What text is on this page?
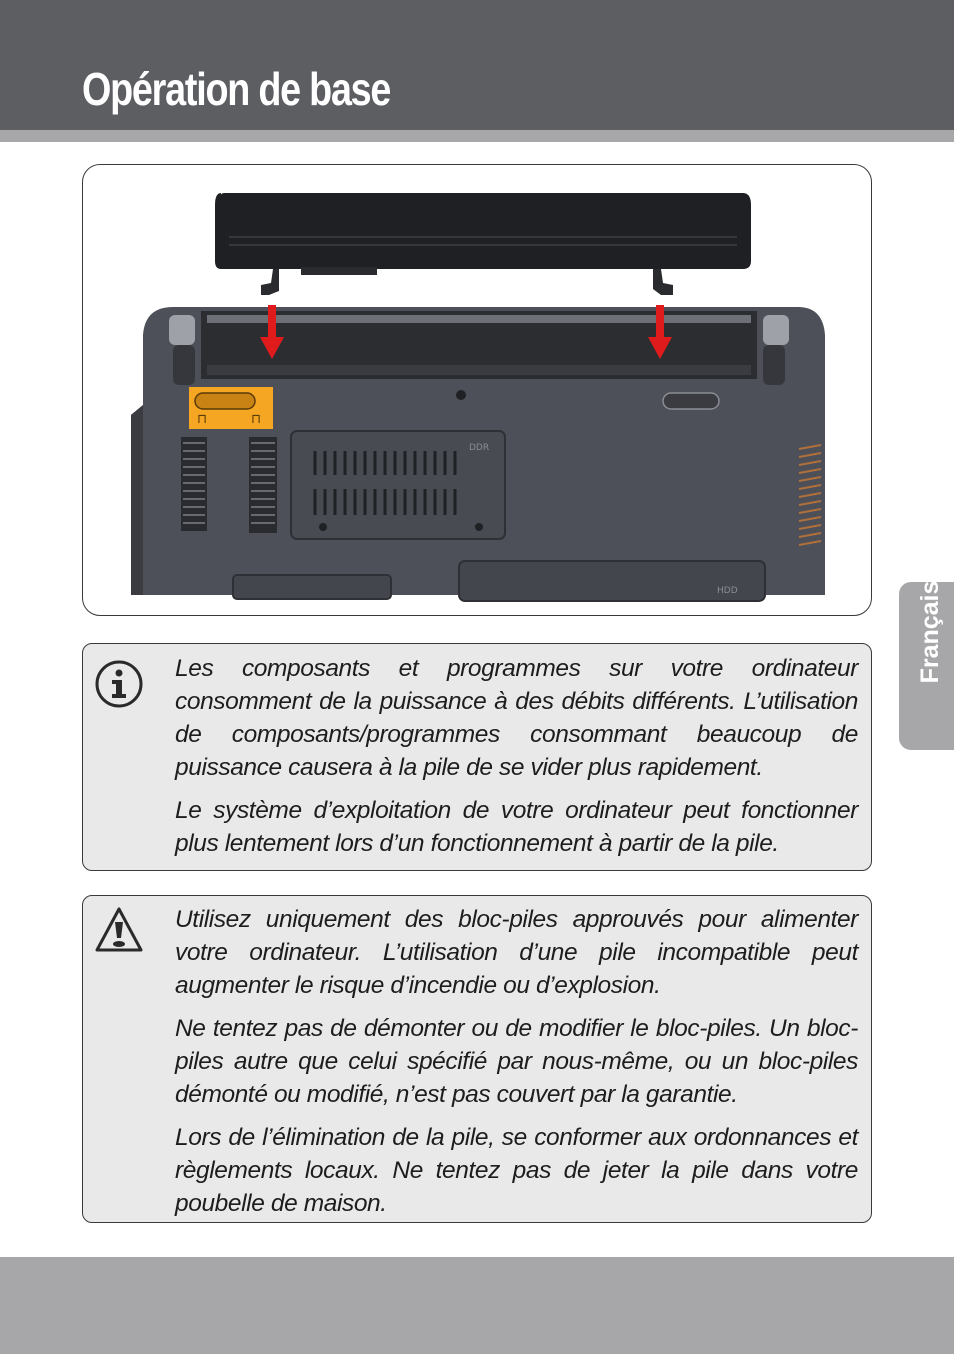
Opération de base
⊓	⊓
DDR
HDD	Français

Les composants et programmes sur votre ordinateur consomment de la puissance à des débits différents. L’utilisation de composants/programmes consommant beaucoup de puissance causera à la pile de se vider plus rapidement.

Le système d’exploitation de votre ordinateur peut fonctionner plus lentement lors d’un fonctionnement à partir de la pile.

Utilisez uniquement des bloc-piles approuvés pour alimenter votre ordinateur. L’utilisation d’une pile incompatible peut augmenter le risque d’incendie ou d’explosion.

Ne tentez pas de démonter ou de modifier le bloc-piles. Un bloc-piles autre que celui spécifié par nous-même, ou un bloc-piles démonté ou modifié, n’est pas couvert par la garantie.

Lors de l’élimination de la pile, se conformer aux ordonnances et règlements locaux. Ne tentez pas de jeter la pile dans votre poubelle de maison.
